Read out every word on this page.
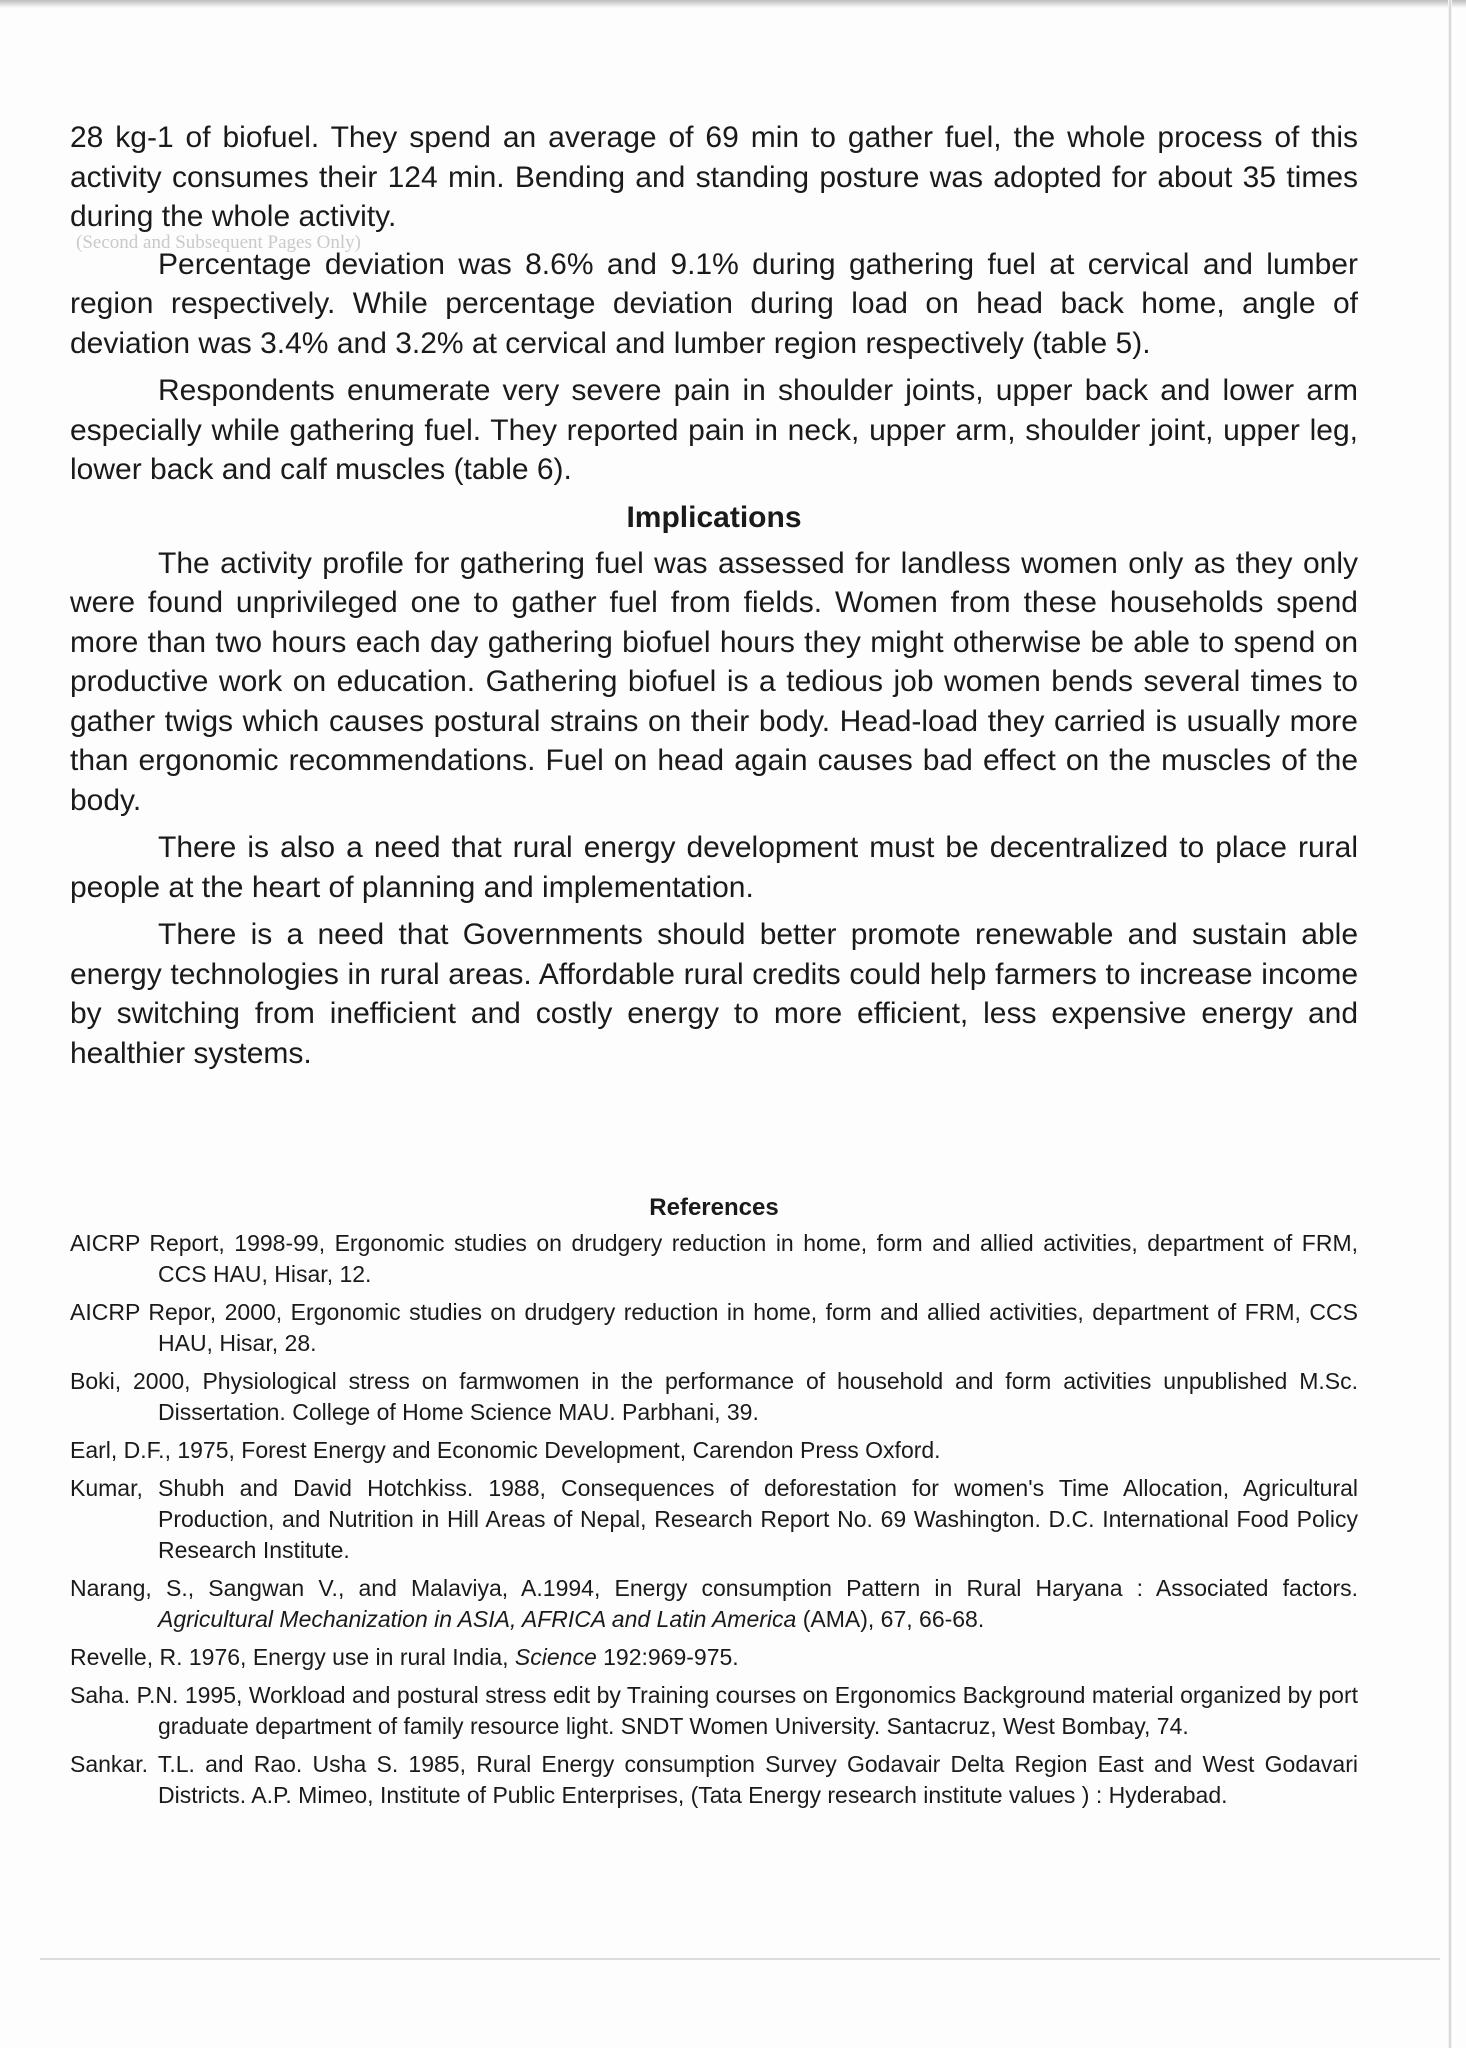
(Second and Subsequent Pages Only)

28 kg-1 of biofuel. They spend an average of 69 min to gather fuel, the whole process of this activity consumes their 124 min. Bending and standing posture was adopted for about 35 times during the whole activity.

Percentage deviation was 8.6% and 9.1% during gathering fuel at cervical and lumber region respectively. While percentage deviation during load on head back home, angle of deviation was 3.4% and 3.2% at cervical and lumber region respectively (table 5).

Respondents enumerate very severe pain in shoulder joints, upper back and lower arm especially while gathering fuel. They reported pain in neck, upper arm, shoulder joint, upper leg, lower back and calf muscles (table 6).

Implications

The activity profile for gathering fuel was assessed for landless women only as they only were found unprivileged one to gather fuel from fields. Women from these households spend more than two hours each day gathering biofuel hours they might otherwise be able to spend on productive work on education. Gathering biofuel is a tedious job women bends several times to gather twigs which causes postural strains on their body. Head-load they carried is usually more than ergonomic recommendations. Fuel on head again causes bad effect on the muscles of the body.

There is also a need that rural energy development must be decentralized to place rural people at the heart of planning and implementation.

There is a need that Governments should better promote renewable and sustain able energy technologies in rural areas. Affordable rural credits could help farmers to increase income by switching from inefficient and costly energy to more efficient, less expensive energy and healthier systems.

References
AICRP Report, 1998-99, Ergonomic studies on drudgery reduction in home, form and allied activities, department of FRM, CCS HAU, Hisar, 12.
AICRP Repor, 2000, Ergonomic studies on drudgery reduction in home, form and allied activities, department of FRM, CCS HAU, Hisar, 28.
Boki, 2000, Physiological stress on farmwomen in the performance of household and form activities unpublished M.Sc. Dissertation. College of Home Science MAU. Parbhani, 39.
Earl, D.F., 1975, Forest Energy and Economic Development, Carendon Press Oxford.
Kumar, Shubh and David Hotchkiss. 1988, Consequences of deforestation for women's Time Allocation, Agricultural Production, and Nutrition in Hill Areas of Nepal, Research Report No. 69 Washington. D.C. International Food Policy Research Institute.
Narang, S., Sangwan V., and Malaviya, A.1994, Energy consumption Pattern in Rural Haryana : Associated factors. Agricultural Mechanization in ASIA, AFRICA and Latin America (AMA), 67, 66-68.
Revelle, R. 1976, Energy use in rural India, Science 192:969-975.
Saha. P.N. 1995, Workload and postural stress edit by Training courses on Ergonomics Background material organized by port graduate department of family resource light. SNDT Women University. Santacruz, West Bombay, 74.
Sankar. T.L. and Rao. Usha S. 1985, Rural Energy consumption Survey Godavair Delta Region East and West Godavari Districts. A.P. Mimeo, Institute of Public Enterprises, (Tata Energy research institute values ) : Hyderabad.
